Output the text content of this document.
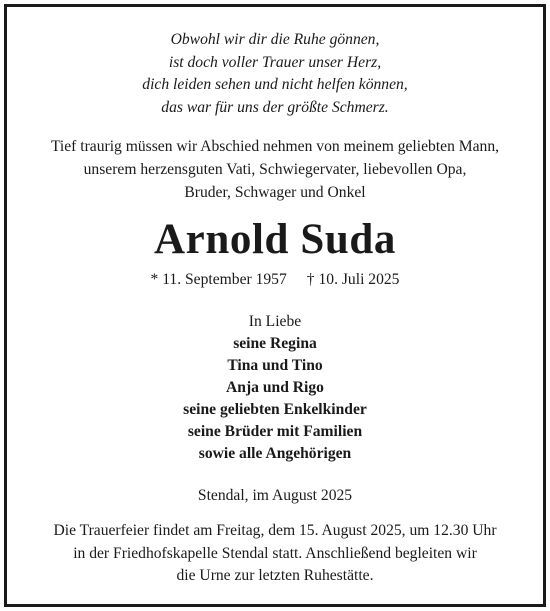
Obwohl wir dir die Ruhe gönnen,
ist doch voller Trauer unser Herz,
dich leiden sehen und nicht helfen können,
das war für uns der größte Schmerz.
Tief traurig müssen wir Abschied nehmen von meinem geliebten Mann,
unserem herzensguten Vati, Schwiegervater, liebevollen Opa,
Bruder, Schwager und Onkel
Arnold Suda
* 11. September 1957 † 10. Juli 2025
In Liebe
seine Regina
Tina und Tino
Anja und Rigo
seine geliebten Enkelkinder
seine Brüder mit Familien
sowie alle Angehörigen
Stendal, im August 2025
Die Trauerfeier findet am Freitag, dem 15. August 2025, um 12.30 Uhr
in der Friedhofskapelle Stendal statt. Anschließend begleiten wir
die Urne zur letzten Ruhestätte.
